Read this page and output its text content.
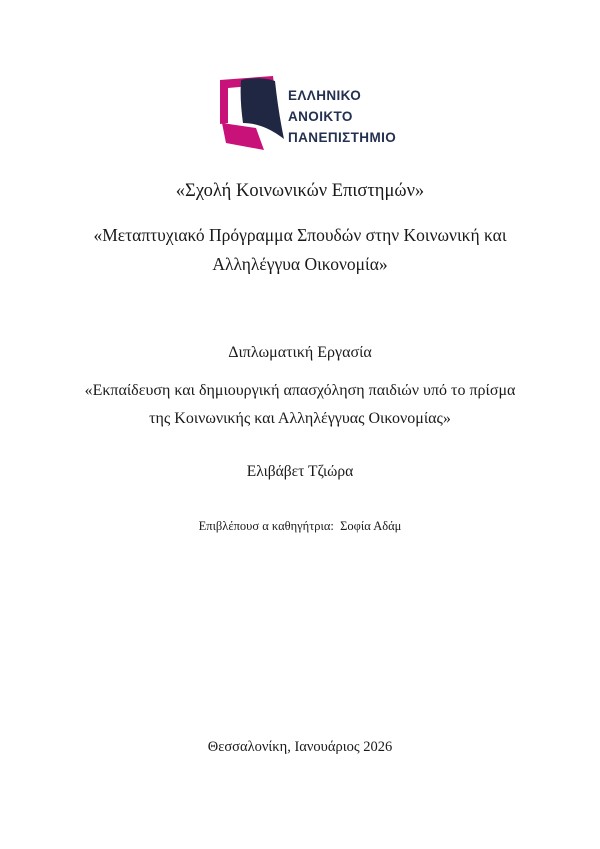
ΕΛΛΗΝΙΚΟ
ΑΝΟΙΚΤΟ
ΠΑΝΕΠΙΣΤΗΜΙΟ
«Σχολή Κοινωνικών Επιστημών»
«Μεταπτυχιακό Πρόγραμμα Σπουδών στην Κοινωνική και
Αλληλέγγυα Οικονομία»
Διπλωματική Εργασία
«Εκπαίδευση και δημιουργική απασχόληση παιδιών υπό το πρίσμα
της Κοινωνικής και Αλληλέγγυας Οικονομίας»
Ελιβάβετ Τζιώρα
Επιβλέπουσ α καθηγήτρια:  Σοφία Αδάμ
Θεσσαλονίκη, Ιανουάριος 2026
